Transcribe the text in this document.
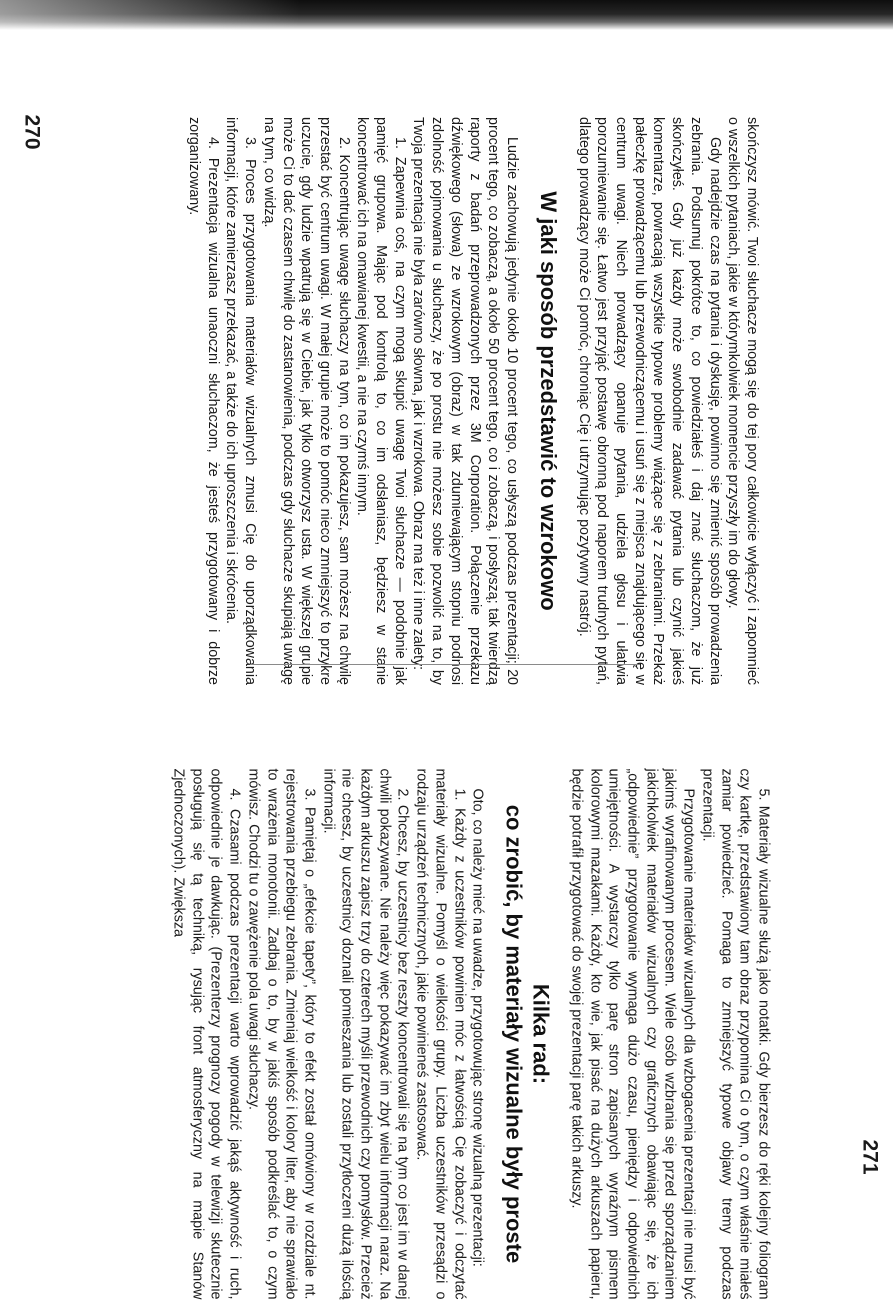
270	skończysz mówić. Twoi słuchacze mogą się do tej pory całkowicie wyłączyć i zapomnieć o wszelkich pytaniach, jakie w którymkolwiek momencie przyszły im do głowy.

Gdy nadejdzie czas na pytania i dyskusję, powinno się zmienić sposób prowadzenia zebrania. Podsumuj pokrótce to, co powiedziałeś i daj znać słuchaczom, że już skończyłeś. Gdy już każdy może swobodnie zadawać pytania lub czynić jakieś komentarze, powracają wszystkie typowe problemy wiążące się z zebraniami. Przekaż pałeczkę prowadzącemu lub przewodniczącemu i usuń się z miejsca znajdującego się w centrum uwagi. Niech prowadzący opanuje pytania, udziela głosu i ułatwia porozumiewanie się. Łatwo jest przyjąć postawę obronną pod naporem trudnych pytań, dlatego prowadzący może Ci pomóc, chroniąc Cię i utrzymując pozytywny nastrój.

W jaki sposób przedstawić to wzrokowo

Ludzie zachowują jedynie około 10 procent tego, co usłyszą podczas prezentacji; 20 procent tego, co zobaczą, a około 50 procent tego, co i zobaczą, i posłyszą; tak twierdzą raporty z badań przeprowadzonych przez 3M Corporation. Połączenie przekazu dźwiękowego (słowa) ze wzrokowym (obraz) w tak zdumiewającym stopniu podnosi zdolność pojmowania u słuchaczy, że po prostu nie możesz sobie pozwolić na to, by Twoja prezentacja nie była zarówno słowna, jak i wzrokowa. Obraz ma też i inne zalety:

1. Zapewnia coś, na czym mogą skupić uwagę Twoi słuchacze — podobnie jak pamięć grupowa. Mając pod kontrolą to, co im odsłaniasz, będziesz w stanie koncentrować ich na omawianej kwestii, a nie na czymś innym.

2. Koncentrując uwagę słuchaczy na tym, co im pokazujesz, sam możesz na chwilę przestać być centrum uwagi. W małej grupie może to pomóc nieco zmniejszyć to przykre uczucie, gdy ludzie wpatrują się w Ciebie, jak tylko otworzysz usta. W większej grupie może Ci to dać czasem chwilę do zastanowienia, podczas gdy słuchacze skupiają uwagę na tym, co widzą.

3. Proces przygotowania materiałów wizualnych zmusi Cię do uporządkowania informacji, które zamierzasz przekazać, a także do ich uproszczenia i skrócenia.

4. Prezentacja wizualna unaoczni słuchaczom, że jesteś przygotowany i dobrze zorganizowany.

5. Materiały wizualne służą jako notatki. Gdy bierzesz do ręki kolejny foliogram czy kartkę, przedstawiony tam obraz przypomina Ci o tym, o czym właśnie miałeś zamiar powiedzieć. Pomaga to zmniejszyć typowe objawy tremy podczas prezentacji.

Przygotowanie materiałów wizualnych dla wzbogacenia prezentacji nie musi być jakimś wyrafinowanym procesem. Wiele osób wzbrania się przed sporządzaniem jakichkolwiek materiałów wizualnych czy graficznych obawiając się, że ich „odpowiednie” przygotowanie wymaga dużo czasu, pieniędzy i odpowiednich umiejętności. A wystarczy tylko parę stron zapisanych wyraźnym pismem kolorowymi mazakami. Każdy, kto wie, jak pisać na dużych arkuszach papieru, będzie potrafił przygotować do swojej prezentacji parę takich arkuszy.

Kilka rad:
co zrobić, by materiały wizualne były proste

Oto, co należy mieć na uwadze, przygotowując stronę wizualną prezentacji:

1. Każdy z uczestników powinien móc z łatwością Cię zobaczyć i odczytać materiały wizualne. Pomyśl o wielkości grupy. Liczba uczestników przesądzi o rodzaju urządzeń technicznych, jakie powinieneś zastosować.

2. Chcesz, by uczestnicy bez reszty koncentrowali się na tym co jest im w danej chwili pokazywane. Nie należy więc pokazywać im zbyt wielu informacji naraz. Na każdym arkuszu zapisz trzy do czterech myśli przewodnich czy pomysłów. Przecież nie chcesz, by uczestnicy doznali pomieszania lub zostali przytłoczeni dużą ilością informacji.

3. Pamiętaj o „efekcie tapety”, który to efekt został omówiony w rozdziale nt. rejestrowania przebiegu zebrania. Zmieniaj wielkość i kolory liter, aby nie sprawiało to wrażenia monotonii. Zadbaj o to, by w jakiś sposób podkreślać to, o czym mówisz. Chodzi tu o zawężenie pola uwagi słuchaczy.

4. Czasami podczas prezentacji warto wprowadzić jakąś aktywność i ruch, odpowiednie je dawkując. (Prezenterzy prognozy pogody w telewizji skutecznie posługują się tą techniką, rysując front atmosferyczny na mapie Stanów Zjednoczonych). Zwiększa

271
